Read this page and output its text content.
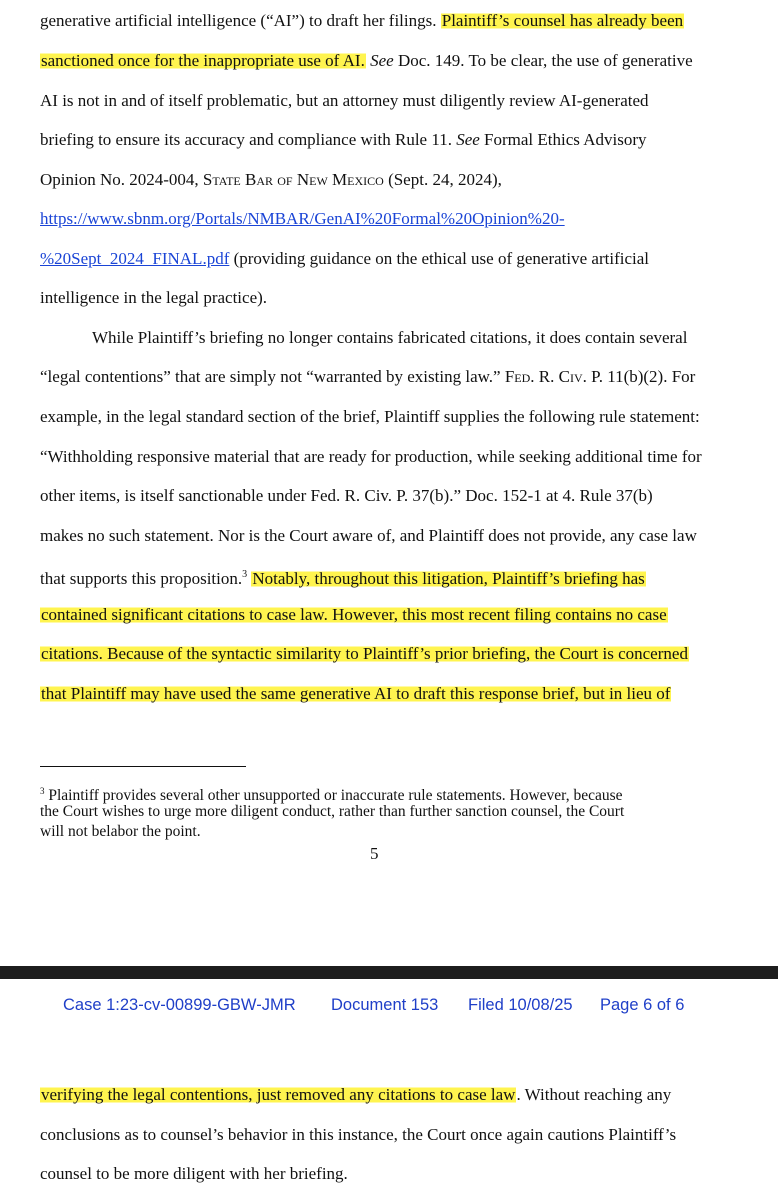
generative artificial intelligence (“AI”) to draft her filings. Plaintiff’s counsel has already been
sanctioned once for the inappropriate use of AI. See Doc. 149. To be clear, the use of generative
AI is not in and of itself problematic, but an attorney must diligently review AI-generated
briefing to ensure its accuracy and compliance with Rule 11. See Formal Ethics Advisory
Opinion No. 2024-004, State Bar of New Mexico (Sept. 24, 2024),
https://www.sbnm.org/Portals/NMBAR/GenAI%20Formal%20Opinion%20-
%20Sept_2024_FINAL.pdf (providing guidance on the ethical use of generative artificial
intelligence in the legal practice).
While Plaintiff’s briefing no longer contains fabricated citations, it does contain several
“legal contentions” that are simply not “warranted by existing law.” Fed. R. Civ. P. 11(b)(2). For
example, in the legal standard section of the brief, Plaintiff supplies the following rule statement:
“Withholding responsive material that are ready for production, while seeking additional time for
other items, is itself sanctionable under Fed. R. Civ. P. 37(b).” Doc. 152-1 at 4. Rule 37(b)
makes no such statement. Nor is the Court aware of, and Plaintiff does not provide, any case law
that supports this proposition.$^3$ Notably, throughout this litigation, Plaintiff’s briefing has
contained significant citations to case law. However, this most recent filing contains no case
citations. Because of the syntactic similarity to Plaintiff’s prior briefing, the Court is concerned
that Plaintiff may have used the same generative AI to draft this response brief, but in lieu of
$^3$ Plaintiff provides several other unsupported or inaccurate rule statements. However, because
the Court wishes to urge more diligent conduct, rather than further sanction counsel, the Court
will not belabor the point.
5
Case 1:23-cv-00899-GBW-JMR Document 153 Filed 10/08/25 Page 6 of 6
verifying the legal contentions, just removed any citations to case law. Without reaching any
conclusions as to counsel’s behavior in this instance, the Court once again cautions Plaintiff’s
counsel to be more diligent with her briefing.
